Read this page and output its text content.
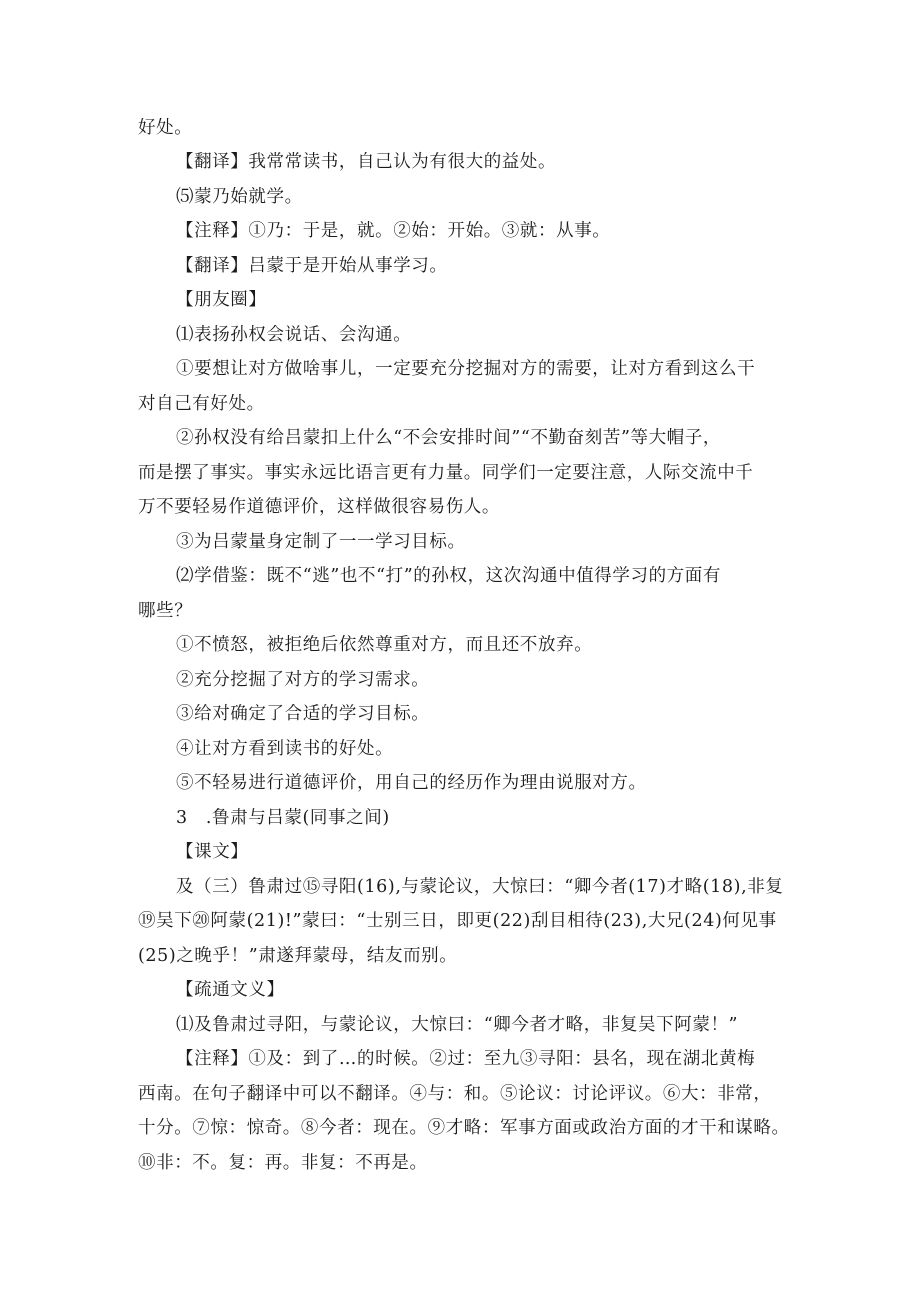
好处。
【翻译】我常常读书，自己认为有很大的益处。
⑸蒙乃始就学。
【注释】①乃：于是，就。②始：开始。③就：从事。
【翻译】吕蒙于是开始从事学习。
【朋友圈】
⑴表扬孙权会说话、会沟通。
①要想让对方做啥事儿，一定要充分挖掘对方的需要，让对方看到这么干
对自己有好处。
②孙权没有给吕蒙扣上什么“不会安排时间”“不勤奋刻苦”等大帽子，
而是摆了事实。事实永远比语言更有力量。同学们一定要注意，人际交流中千
万不要轻易作道德评价，这样做很容易伤人。
③为吕蒙量身定制了一一学习目标。
⑵学借鉴：既不“逃”也不“打”的孙权，这次沟通中值得学习的方面有
哪些？
①不愤怒，被拒绝后依然尊重对方，而且还不放弃。
②充分挖掘了对方的学习需求。
③给对确定了合适的学习目标。
④让对方看到读书的好处。
⑤不轻易进行道德评价，用自己的经历作为理由说服对方。
3　.鲁肃与吕蒙(同事之间)
【课文】
及（三）鲁肃过⑮寻阳(16),与蒙论议，大惊曰：“卿今者(17)才略(18),非复
⑲吴下⑳阿蒙(21)!”蒙曰：“士别三日，即更(22)刮目相待(23),大兄(24)何见事
(25)之晚乎！”肃遂拜蒙母，结友而别。
【疏通文义】
⑴及鲁肃过寻阳，与蒙论议，大惊曰：“卿今者才略，非复吴下阿蒙！”
【注释】①及：到了…的时候。②过：至九③寻阳：县名，现在湖北黄梅
西南。在句子翻译中可以不翻译。④与：和。⑤论议：讨论评议。⑥大：非常，
十分。⑦惊：惊奇。⑧今者：现在。⑨才略：军事方面或政治方面的才干和谋略。
⑩非：不。复：再。非复：不再是。
